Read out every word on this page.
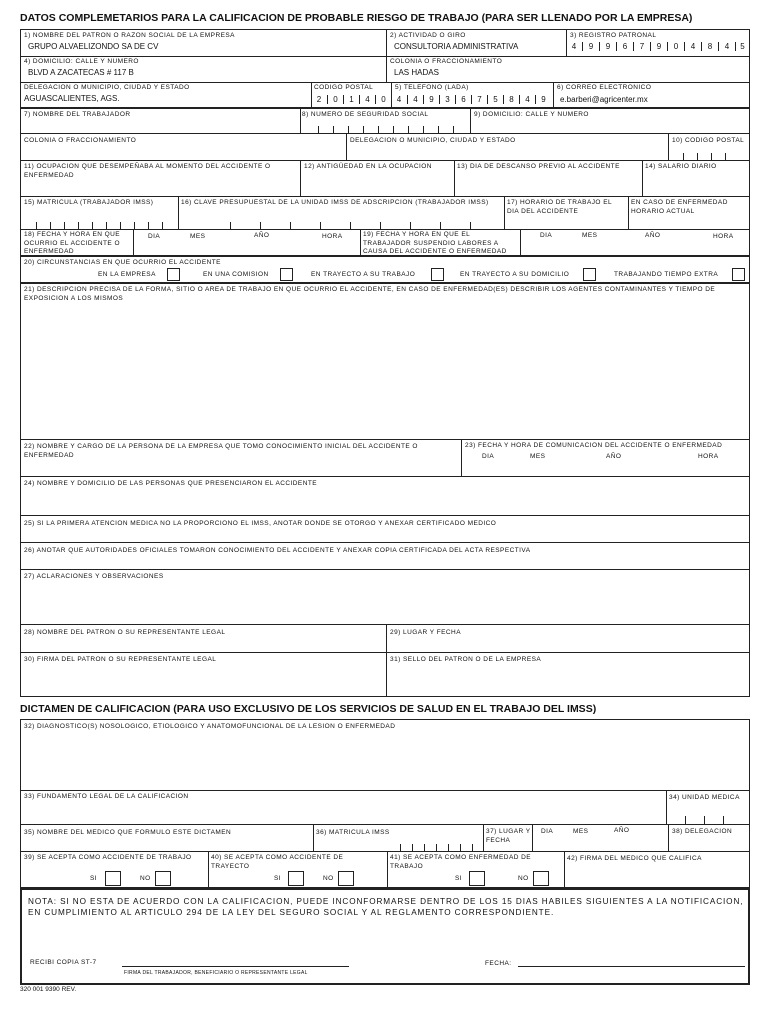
DATOS COMPLEMETARIOS PARA LA CALIFICACION DE PROBABLE RIESGO DE TRABAJO (PARA SER LLENADO POR LA EMPRESA)
1) NOMBRE DEL PATRON O RAZON SOCIAL DE LA EMPRESA
GRUPO ALVAELIZONDO SA DE CV
2) ACTIVIDAD O GIRO
CONSULTORIA ADMINISTRATIVA
3) REGISTRO PATRONAL
4	9	9	6	7	9	0	4	8	4	5
4) DOMICILIO: CALLE Y NUMERO
BLVD A ZACATECAS # 117 B
COLONIA O FRACCIONAMIENTO
LAS HADAS
DELEGACION O MUNICIPIO, CIUDAD Y ESTADO
AGUASCALIENTES, AGS.
CODIGO POSTAL
2	0	1	4	0
5) TELEFONO (LADA)
4	4	9	3	6	7	5	8	4	9
6) CORREO ELECTRONICO
e.barberi@agricenter.mx
7) NOMBRE DEL TRABAJADOR	8) NUMERO DE SEGURIDAD SOCIAL	9) DOMICILIO: CALLE Y NUMERO
COLONIA O FRACCIONAMIENTO	DELEGACION O MUNICIPIO, CIUDAD Y ESTADO	10) CODIGO POSTAL
11) OCUPACION QUE DESEMPEÑABA AL MOMENTO DEL ACCIDENTE O ENFERMEDAD
12) ANTIGÜEDAD EN LA OCUPACION	13) DIA DE DESCANSO PREVIO AL ACCIDENTE	14) SALARIO DIARIO
15) MATRICULA (TRABAJADOR IMSS)	16) CLAVE PRESUPUESTAL DE LA UNIDAD IMSS DE ADSCRIPCION (TRABAJADOR IMSS)	17) HORARIO DE TRABAJO EL DIA DEL ACCIDENTE
EN CASO DE ENFERMEDAD HORARIO ACTUAL
18) FECHA Y HORA EN QUE OCURRIO EL ACCIDENTE O ENFERMEDAD
DIA	MES	AÑO	HORA	19) FECHA Y HORA EN QUE EL TRABAJADOR SUSPENDIO LABORES A CAUSA DEL ACCIDENTE O ENFERMEDAD
DIA	MES	AÑO	HORA
20) CIRCUNSTANCIAS EN QUE OCURRIO EL ACCIDENTE
EN LA EMPRESA	EN UNA COMISION	EN TRAYECTO A SU TRABAJO	EN TRAYECTO A SU DOMICILIO	TRABAJANDO TIEMPO EXTRA
21) DESCRIPCION PRECISA DE LA FORMA, SITIO O AREA DE TRABAJO EN QUE OCURRIO EL ACCIDENTE, EN CASO DE ENFERMEDAD(ES) DESCRIBIR LOS AGENTES CONTAMINANTES Y TIEMPO DE EXPOSICION A LOS MISMOS
22) NOMBRE Y CARGO DE LA PERSONA DE LA EMPRESA QUE TOMO CONOCIMIENTO INICIAL DEL ACCIDENTE O ENFERMEDAD
23) FECHA Y HORA DE COMUNICACION DEL ACCIDENTE O ENFERMEDAD
DIA	MES	AÑO	HORA
24) NOMBRE Y DOMICILIO DE LAS PERSONAS QUE PRESENCIARON EL ACCIDENTE
25) SI LA PRIMERA ATENCION MEDICA NO LA PROPORCIONO EL IMSS, ANOTAR DONDE SE OTORGO Y ANEXAR CERTIFICADO MEDICO
26) ANOTAR QUE AUTORIDADES OFICIALES TOMARON CONOCIMIENTO DEL ACCIDENTE Y ANEXAR COPIA CERTIFICADA DEL ACTA RESPECTIVA
27) ACLARACIONES Y OBSERVACIONES
28) NOMBRE DEL PATRON O SU REPRESENTANTE LEGAL	29) LUGAR Y FECHA
30) FIRMA DEL PATRON O SU REPRESENTANTE LEGAL	31) SELLO DEL PATRON O DE LA EMPRESA
DICTAMEN DE CALIFICACION (PARA USO EXCLUSIVO DE LOS SERVICIOS DE SALUD EN EL TRABAJO DEL IMSS)
32) DIAGNOSTICO(S) NOSOLOGICO, ETIOLOGICO Y ANATOMOFUNCIONAL DE LA LESION O ENFERMEDAD
33) FUNDAMENTO LEGAL DE LA CALIFICACION	34) UNIDAD MEDICA
35) NOMBRE DEL MEDICO QUE FORMULO ESTE DICTAMEN	36) MATRICULA IMSS	37) LUGAR Y FECHA
DIA	MES	AÑO	38) DELEGACION
39) SE ACEPTA COMO ACCIDENTE DE TRABAJO
SI	NO
40) SE ACEPTA COMO ACCIDENTE DE TRAYECTO
SI	NO
41) SE ACEPTA COMO ENFERMEDAD DE TRABAJO
SI	NO
42) FIRMA DEL MEDICO QUE CALIFICA
NOTA: SI NO ESTA DE ACUERDO CON LA CALIFICACION, PUEDE INCONFORMARSE DENTRO DE LOS 15 DIAS HABILES SIGUIENTES A LA NOTIFICACION, EN CUMPLIMIENTO AL ARTICULO 294 DE LA LEY DEL SEGURO SOCIAL Y AL REGLAMENTO CORRESPONDIENTE.
RECIBI COPIA ST-7
FIRMA DEL TRABAJADOR, BENEFICIARIO O REPRESENTANTE LEGAL
FECHA:
320 001 9390 REV.
